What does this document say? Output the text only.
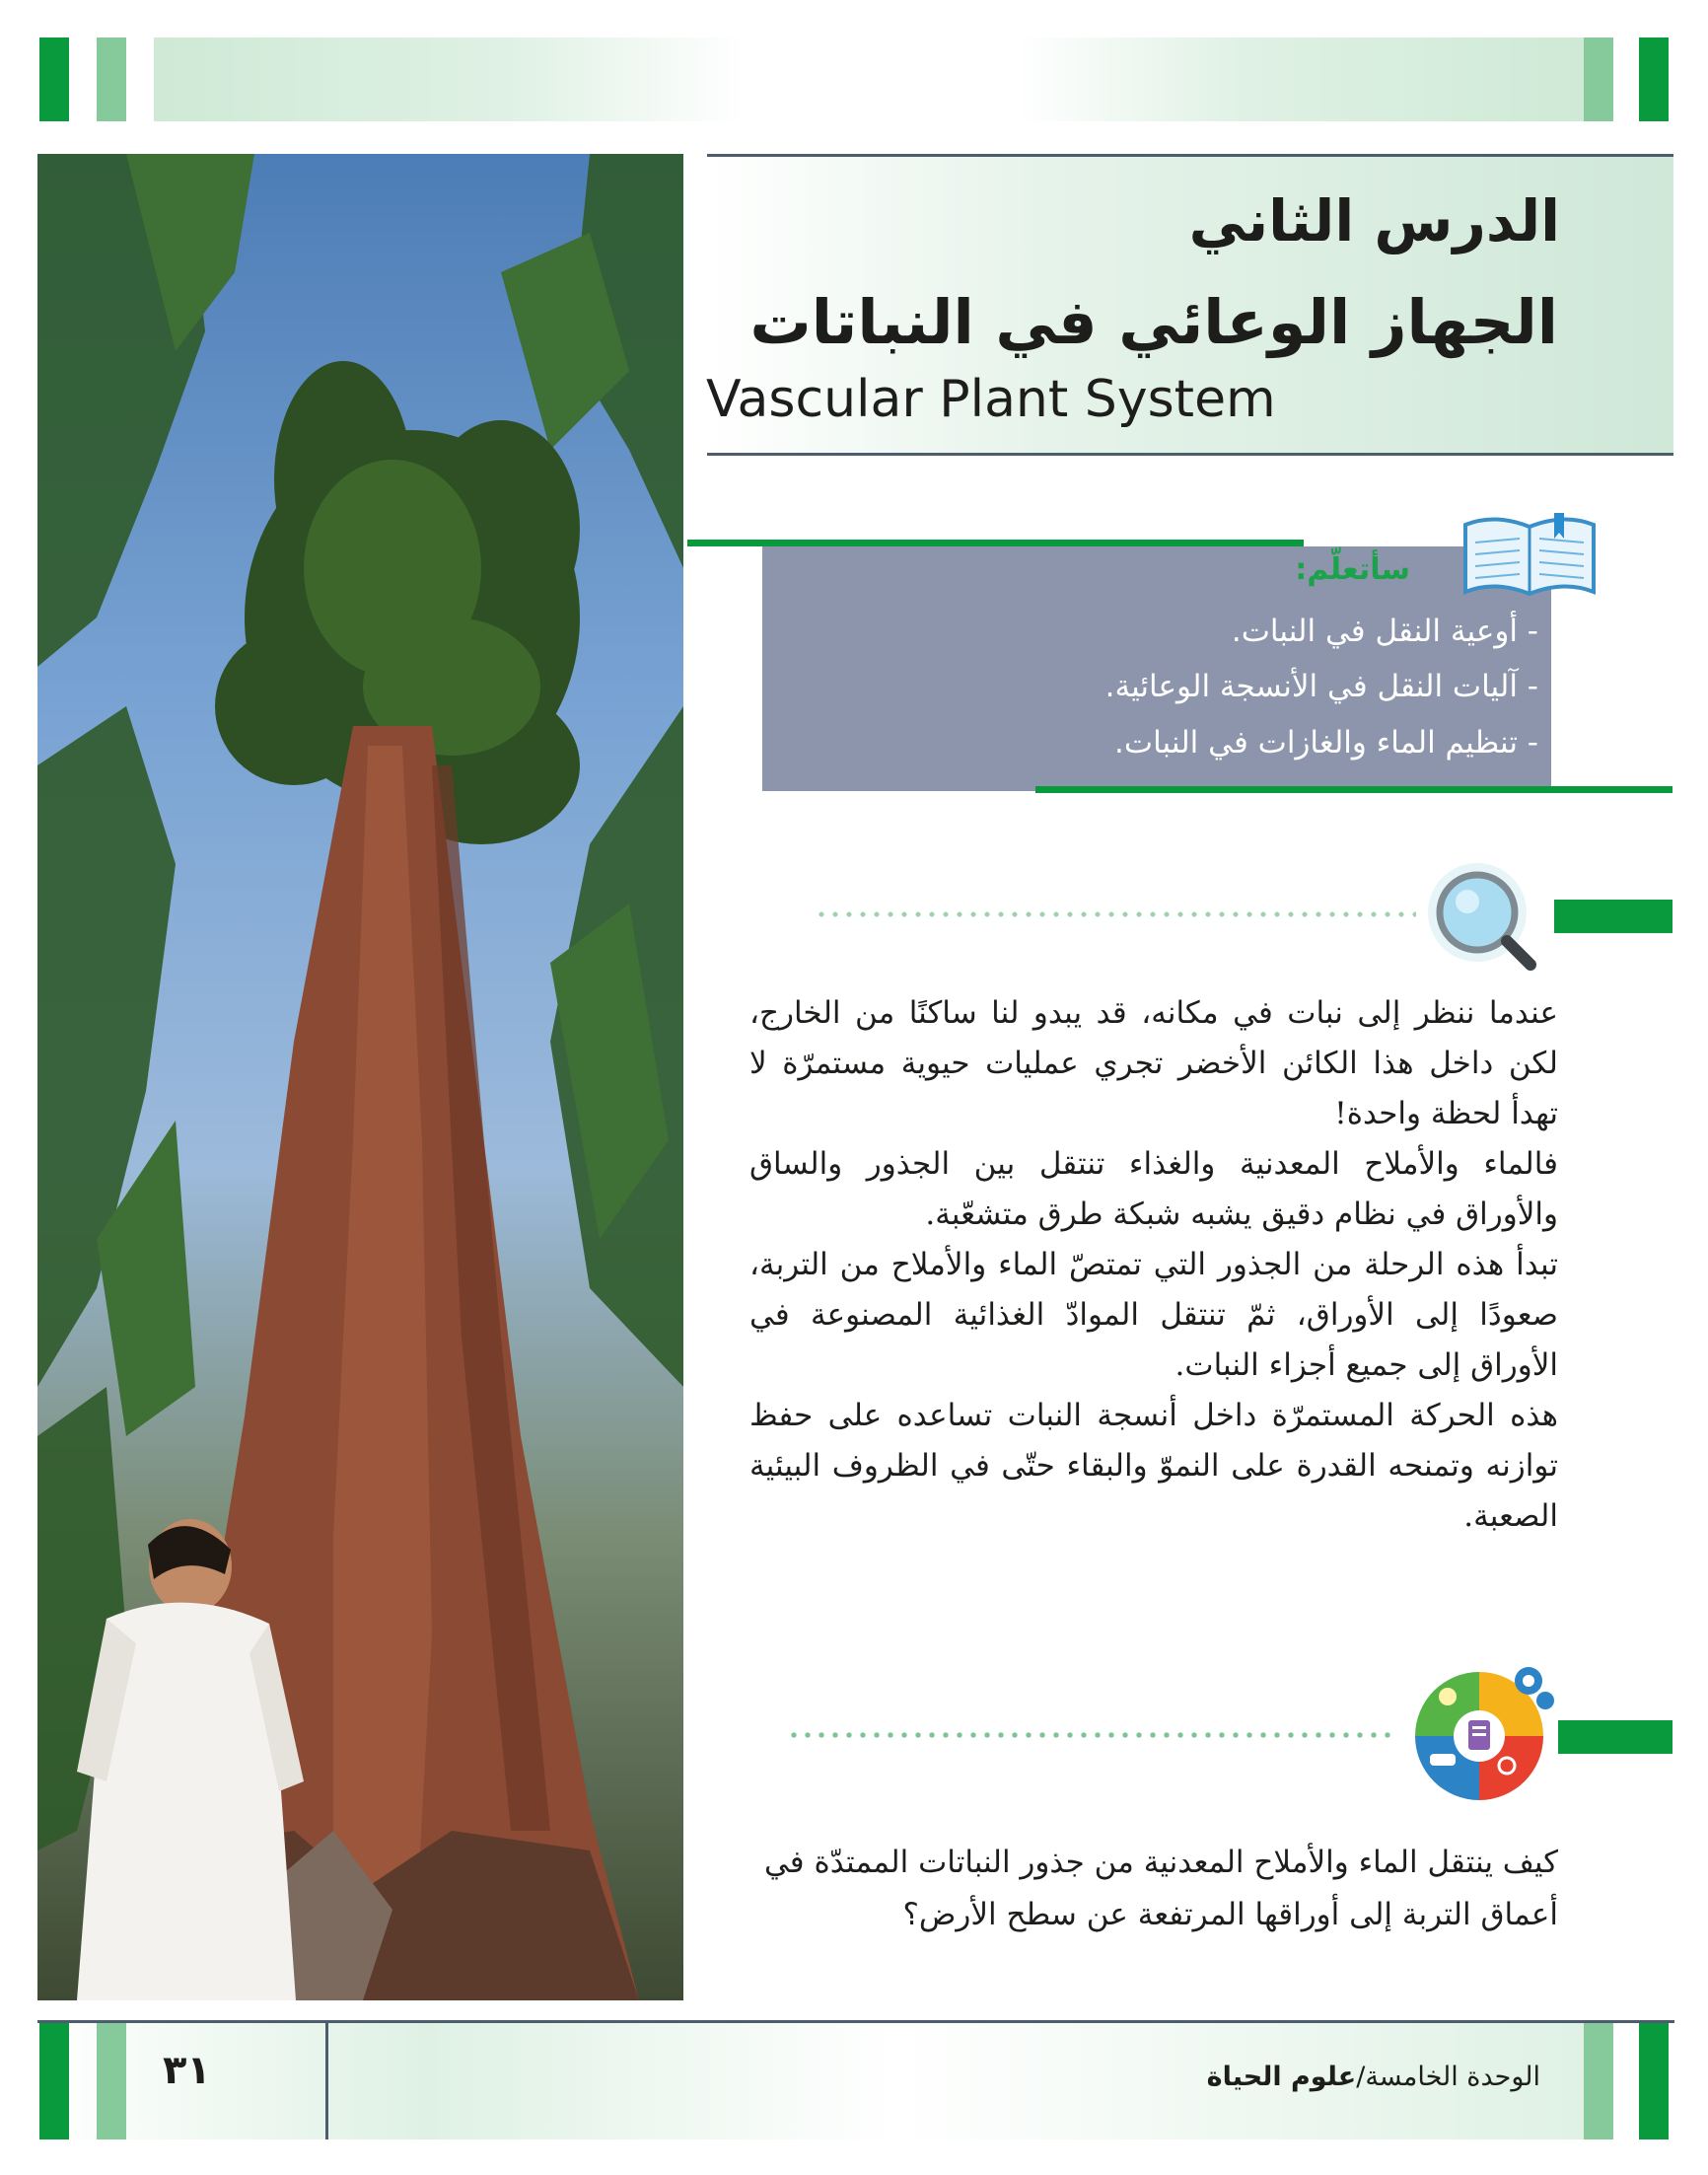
الدرس الثاني
الجهاز الوعائي في النباتات
Vascular Plant System
سأتعلّم:
- أوعية النقل في النبات.
- آليات النقل في الأنسجة الوعائية.
- تنظيم الماء والغازات في النبات.

عندما ننظر إلى نبات في مكانه، قد يبدو لنا ساكنًا من الخارج، لكن داخل هذا الكائن الأخضر تجري عمليات حيوية مستمرّة لا تهدأ لحظة واحدة!

فالماء والأملاح المعدنية والغذاء تنتقل بين الجذور والساق والأوراق في نظام دقيق يشبه شبكة طرق متشعّبة.

تبدأ هذه الرحلة من الجذور التي تمتصّ الماء والأملاح من التربة، صعودًا إلى الأوراق، ثمّ تنتقل الموادّ الغذائية المصنوعة في الأوراق إلى جميع أجزاء النبات.

هذه الحركة المستمرّة داخل أنسجة النبات تساعده على حفظ توازنه وتمنحه القدرة على النموّ والبقاء حتّى في الظروف البيئية الصعبة.

كيف ينتقل الماء والأملاح المعدنية من جذور النباتات الممتدّة في أعماق التربة إلى أوراقها المرتفعة عن سطح الأرض؟
٣١	الوحدة الخامسة/علوم الحياة
